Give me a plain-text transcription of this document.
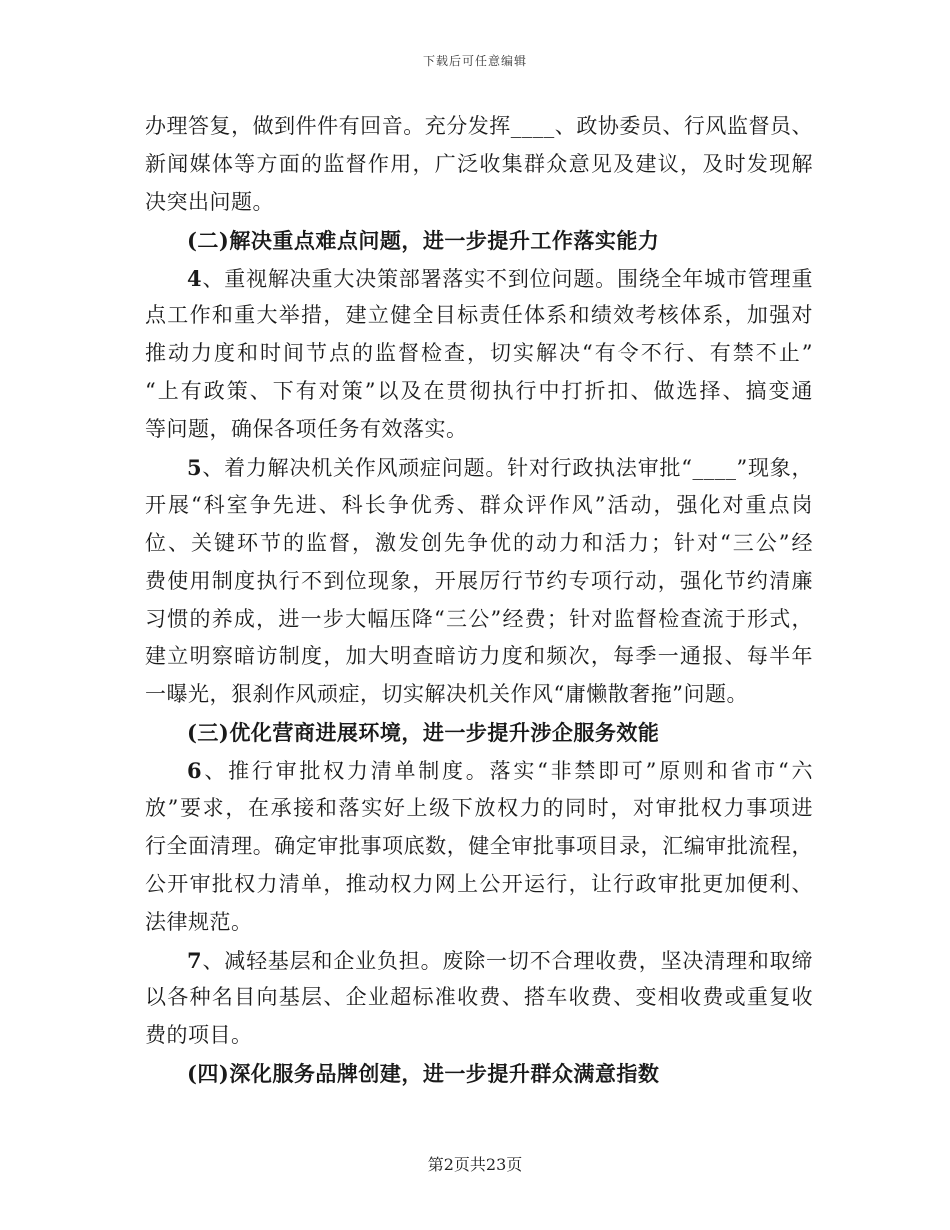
下载后可任意编辑
办理答复，做到件件有回音。充分发挥____、政协委员、行风监督员、
新闻媒体等方面的监督作用，广泛收集群众意见及建议，及时发现解
决突出问题。
(二)解决重点难点问题，进一步提升工作落实能力
4、重视解决重大决策部署落实不到位问题。围绕全年城市管理重
点工作和重大举措，建立健全目标责任体系和绩效考核体系，加强对
推动力度和时间节点的监督检查，切实解决“有令不行、有禁不止”
“上有政策、下有对策”以及在贯彻执行中打折扣、做选择、搞变通
等问题，确保各项任务有效落实。
5、着力解决机关作风顽症问题。针对行政执法审批“____”现象，
开展“科室争先进、科长争优秀、群众评作风”活动，强化对重点岗
位、关键环节的监督，激发创先争优的动力和活力；针对“三公”经
费使用制度执行不到位现象，开展厉行节约专项行动，强化节约清廉
习惯的养成，进一步大幅压降“三公”经费；针对监督检查流于形式，
建立明察暗访制度，加大明查暗访力度和频次，每季一通报、每半年
一曝光，狠刹作风顽症，切实解决机关作风“庸懒散奢拖”问题。
(三)优化营商进展环境，进一步提升涉企服务效能
6、推行审批权力清单制度。落实“非禁即可”原则和省市“六
放”要求，在承接和落实好上级下放权力的同时，对审批权力事项进
行全面清理。确定审批事项底数，健全审批事项目录，汇编审批流程，
公开审批权力清单，推动权力网上公开运行，让行政审批更加便利、
法律规范。
7、减轻基层和企业负担。废除一切不合理收费，坚决清理和取缔
以各种名目向基层、企业超标准收费、搭车收费、变相收费或重复收
费的项目。
(四)深化服务品牌创建，进一步提升群众满意指数
第2页共23页
